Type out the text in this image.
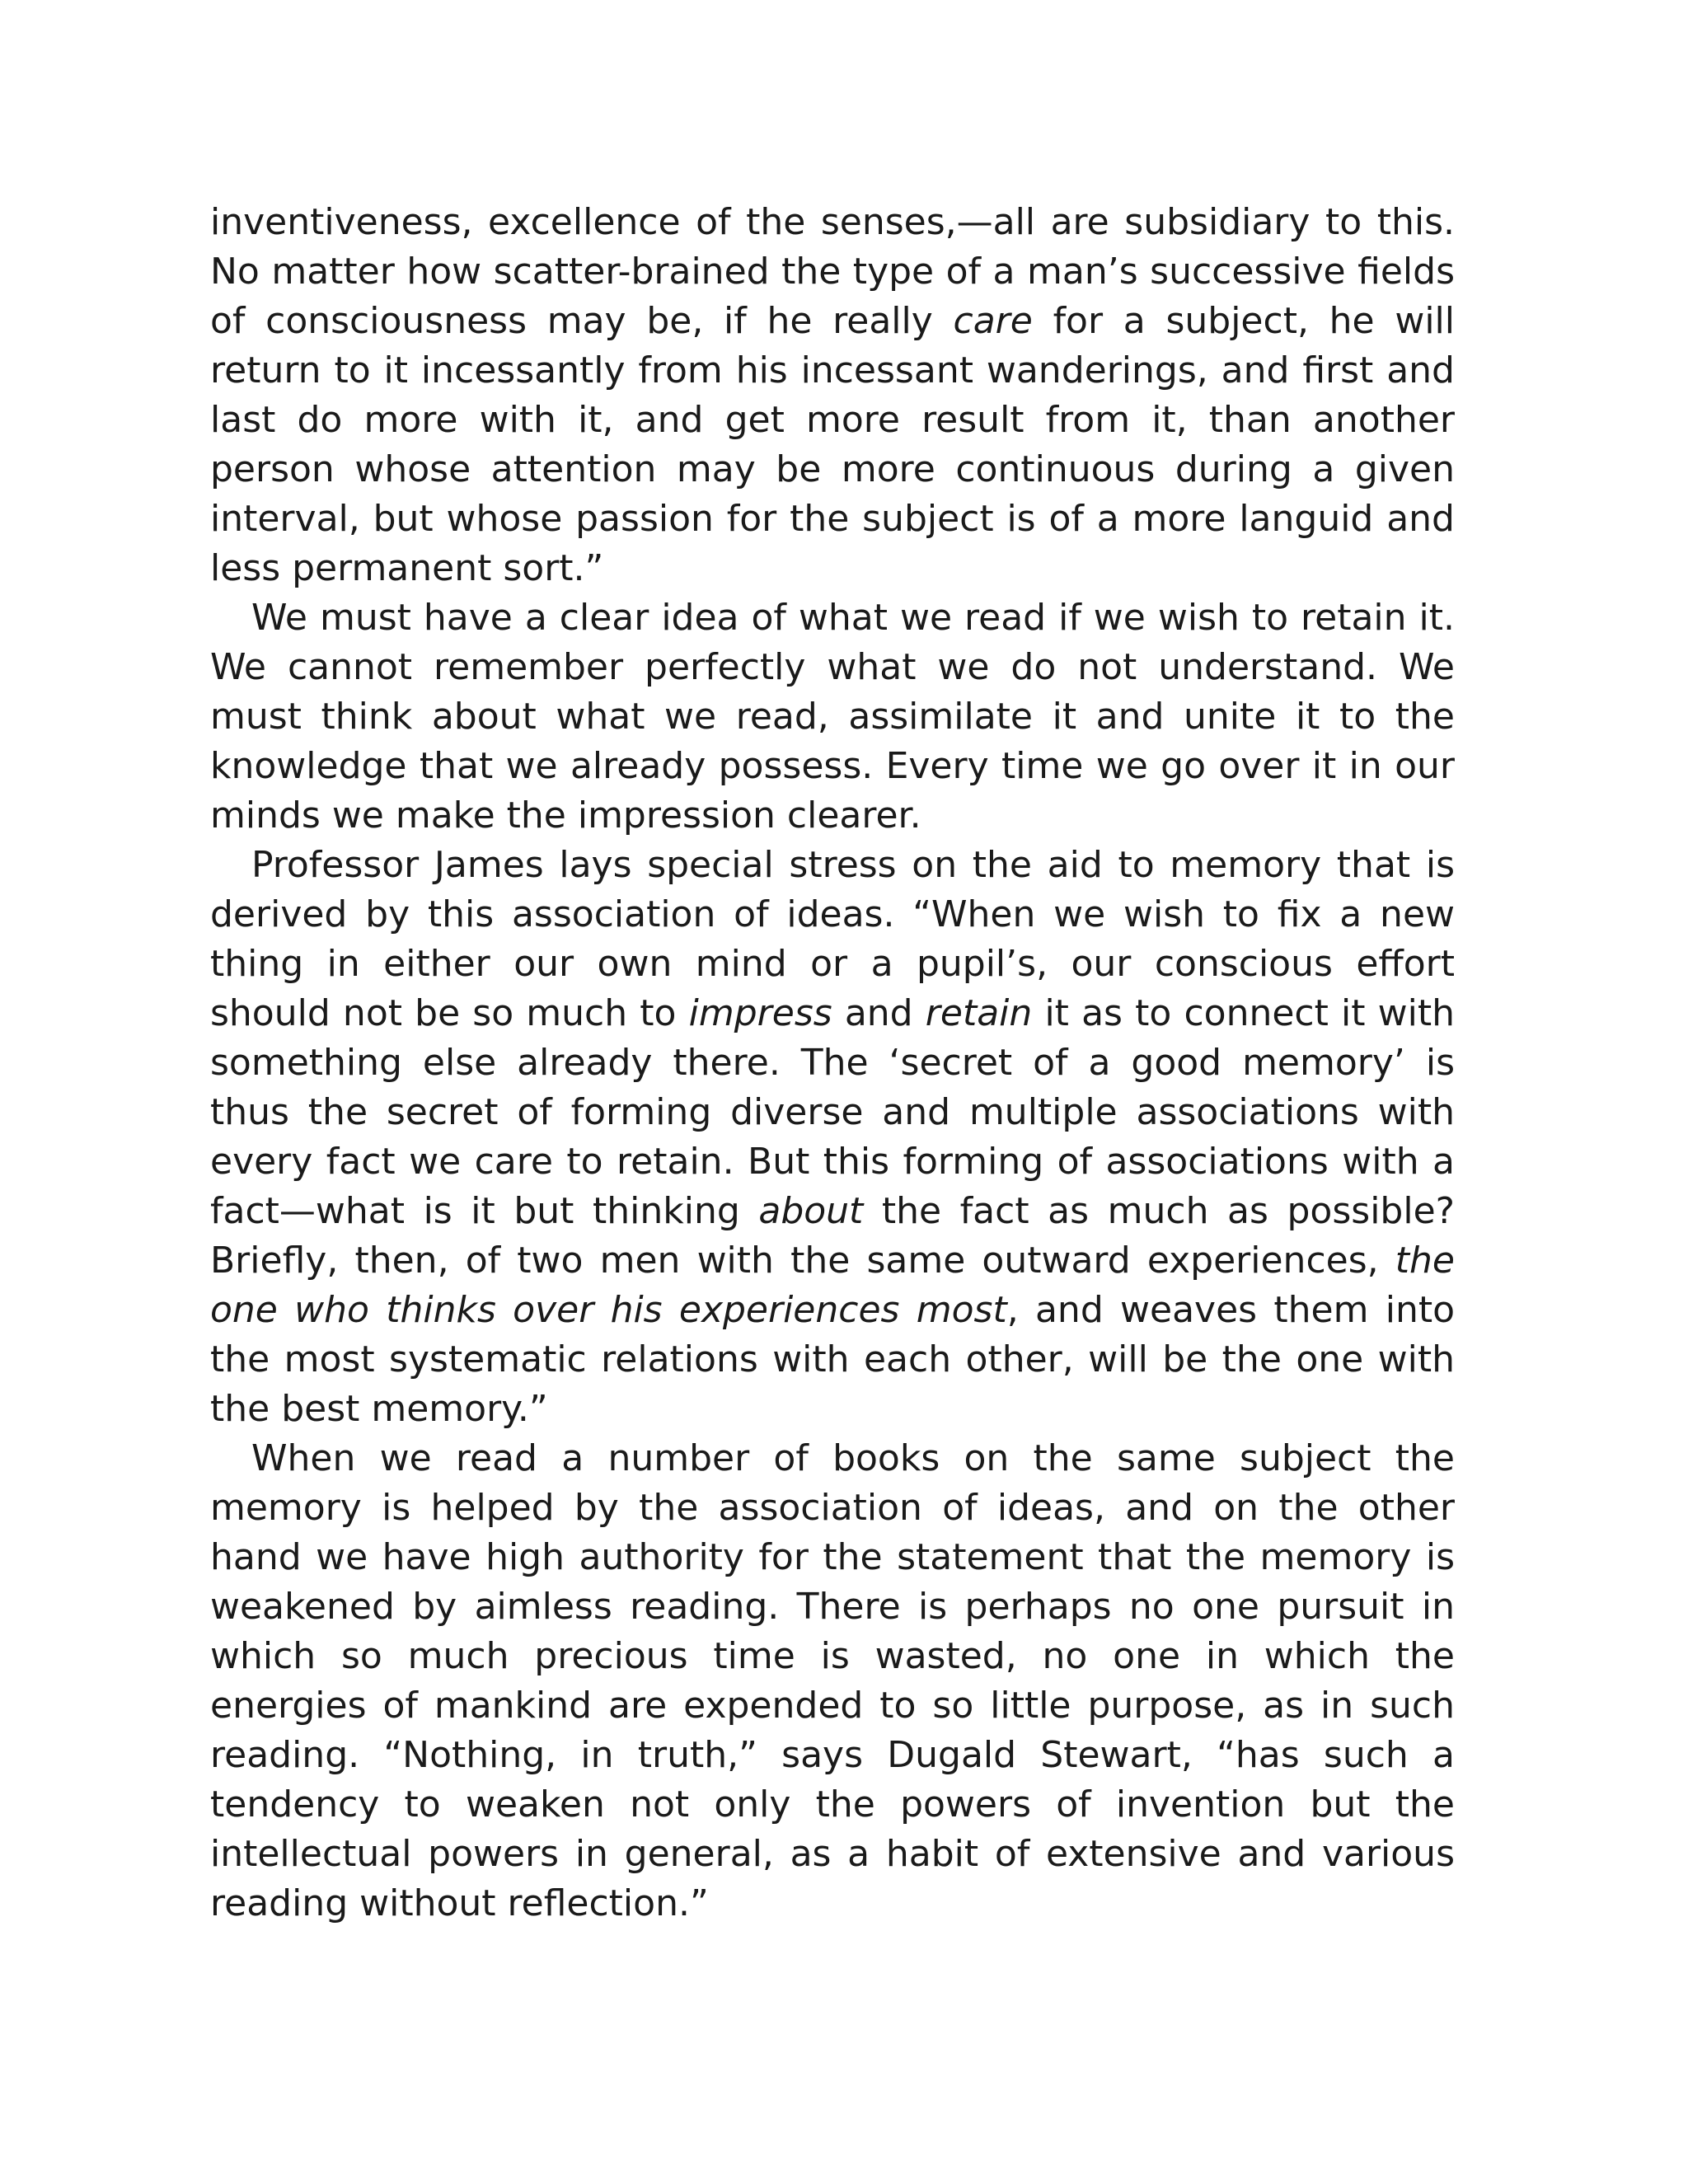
inventiveness, excellence of the senses,—all are subsidiary to this. No matter how scatter-brained the type of a man’s successive fields of consciousness may be, if he really care for a subject, he will return to it incessantly from his incessant wanderings, and first and last do more with it, and get more result from it, than another person whose attention may be more continuous during a given interval, but whose passion for the subject is of a more languid and less permanent sort.”

We must have a clear idea of what we read if we wish to retain it. We cannot remember perfectly what we do not understand. We must think about what we read, assimilate it and unite it to the knowledge that we already possess. Every time we go over it in our minds we make the impression clearer.

Professor James lays special stress on the aid to memory that is derived by this association of ideas. “When we wish to fix a new thing in either our own mind or a pupil’s, our conscious effort should not be so much to impress and retain it as to connect it with something else already there. The ‘secret of a good memory’ is thus the secret of forming diverse and multiple associations with every fact we care to retain. But this forming of associations with a fact—what is it but thinking about the fact as much as possible? Briefly, then, of two men with the same outward experiences, the one who thinks over his experiences most, and weaves them into the most systematic relations with each other, will be the one with the best memory.”

When we read a number of books on the same subject the memory is helped by the association of ideas, and on the other hand we have high authority for the statement that the memory is weakened by aimless reading. There is perhaps no one pursuit in which so much precious time is wasted, no one in which the energies of mankind are expended to so little purpose, as in such reading. “Nothing, in truth,” says Dugald Stewart, “has such a tendency to weaken not only the powers of invention but the intellectual powers in general, as a habit of extensive and various reading without reflection.”
